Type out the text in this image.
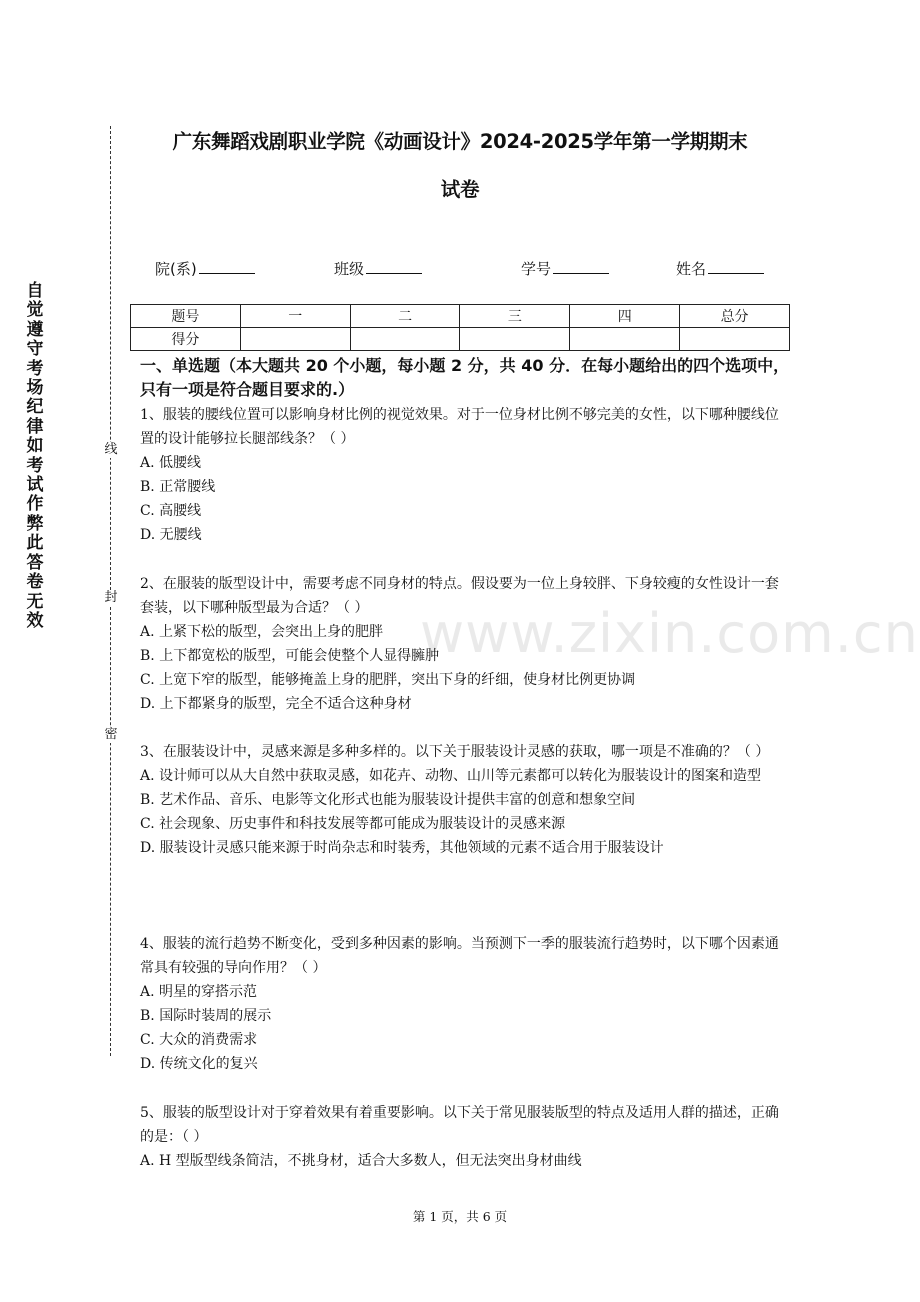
自觉遵守考场纪律如考试作弊此答卷无效
线
封
密
广东舞蹈戏剧职业学院《动画设计》2024-2025学年第一学期期末
试卷
院(系)	班级	学号	姓名
题号	一	二	三	四	总分
得分					
一、单选题（本大题共 20 个小题，每小题 2 分，共 40 分．在每小题给出的四个选项中，只有一项是符合题目要求的.）
www.zixin.com.cn

1、服装的腰线位置可以影响身材比例的视觉效果。对于一位身材比例不够完美的女性，以下哪种腰线位置的设计能够拉长腿部线条？（ ）

A. 低腰线

B. 正常腰线

C. 高腰线

D. 无腰线

2、在服装的版型设计中，需要考虑不同身材的特点。假设要为一位上身较胖、下身较瘦的女性设计一套套装，以下哪种版型最为合适？（ ）

A. 上紧下松的版型，会突出上身的肥胖

B. 上下都宽松的版型，可能会使整个人显得臃肿

C. 上宽下窄的版型，能够掩盖上身的肥胖，突出下身的纤细，使身材比例更协调

D. 上下都紧身的版型，完全不适合这种身材

3、在服装设计中，灵感来源是多种多样的。以下关于服装设计灵感的获取，哪一项是不准确的？（ ）

A. 设计师可以从大自然中获取灵感，如花卉、动物、山川等元素都可以转化为服装设计的图案和造型

B. 艺术作品、音乐、电影等文化形式也能为服装设计提供丰富的创意和想象空间

C. 社会现象、历史事件和科技发展等都可能成为服装设计的灵感来源

D. 服装设计灵感只能来源于时尚杂志和时装秀，其他领域的元素不适合用于服装设计

4、服装的流行趋势不断变化，受到多种因素的影响。当预测下一季的服装流行趋势时，以下哪个因素通常具有较强的导向作用？（ ）

A. 明星的穿搭示范

B. 国际时装周的展示

C. 大众的消费需求

D. 传统文化的复兴

5、服装的版型设计对于穿着效果有着重要影响。以下关于常见服装版型的特点及适用人群的描述，正确的是：（ ）

A. H 型版型线条简洁，不挑身材，适合大多数人，但无法突出身材曲线

第 1 页，共 6 页
